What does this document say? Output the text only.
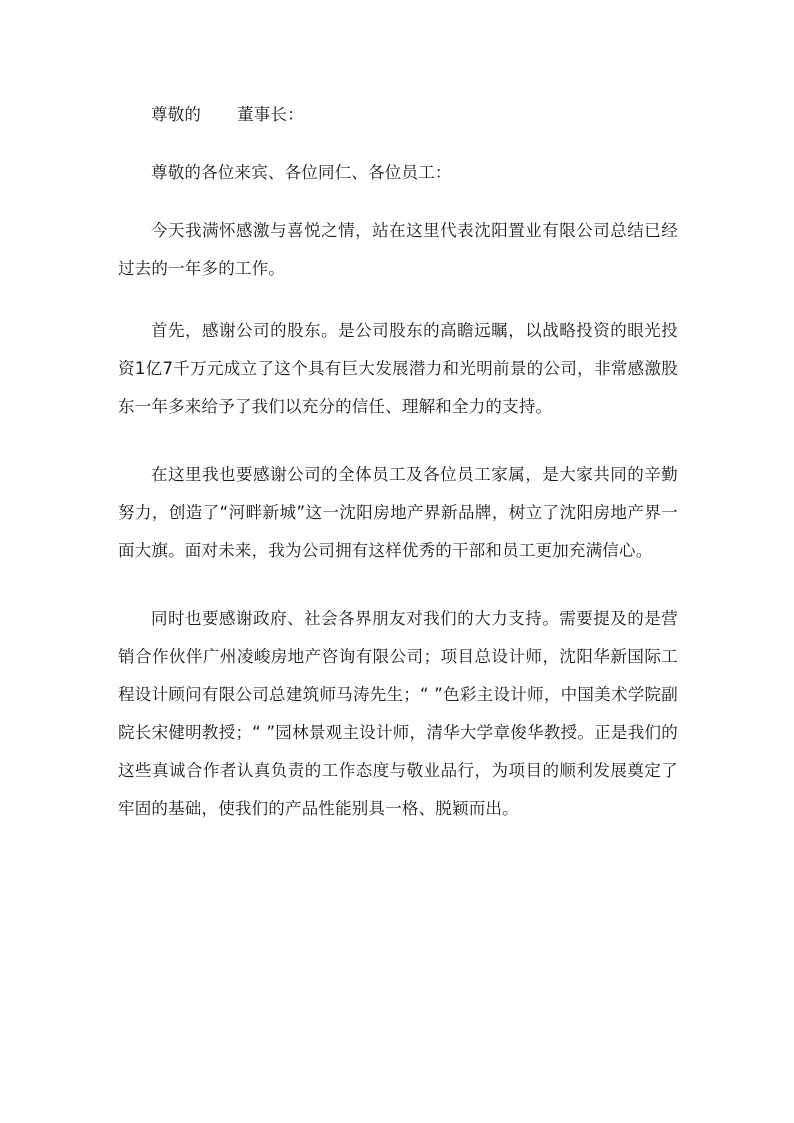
尊敬的 董事长：

尊敬的各位来宾、各位同仁、各位员工：

今天我满怀感激与喜悦之情，站在这里代表沈阳置业有限公司总结已经过去的一年多的工作。

首先，感谢公司的股东。是公司股东的高瞻远瞩，以战略投资的眼光投资1亿7千万元成立了这个具有巨大发展潜力和光明前景的公司，非常感激股东一年多来给予了我们以充分的信任、理解和全力的支持。

在这里我也要感谢公司的全体员工及各位员工家属，是大家共同的辛勤努力，创造了“河畔新城”这一沈阳房地产界新品牌，树立了沈阳房地产界一面大旗。面对未来，我为公司拥有这样优秀的干部和员工更加充满信心。

同时也要感谢政府、社会各界朋友对我们的大力支持。需要提及的是营销合作伙伴广州凌峻房地产咨询有限公司；项目总设计师，沈阳华新国际工程设计顾问有限公司总建筑师马涛先生；“ ”色彩主设计师，中国美术学院副院长宋健明教授；“ ”园林景观主设计师，清华大学章俊华教授。正是我们的这些真诚合作者认真负责的工作态度与敬业品行，为项目的顺利发展奠定了牢固的基础，使我们的产品性能别具一格、脱颖而出。
